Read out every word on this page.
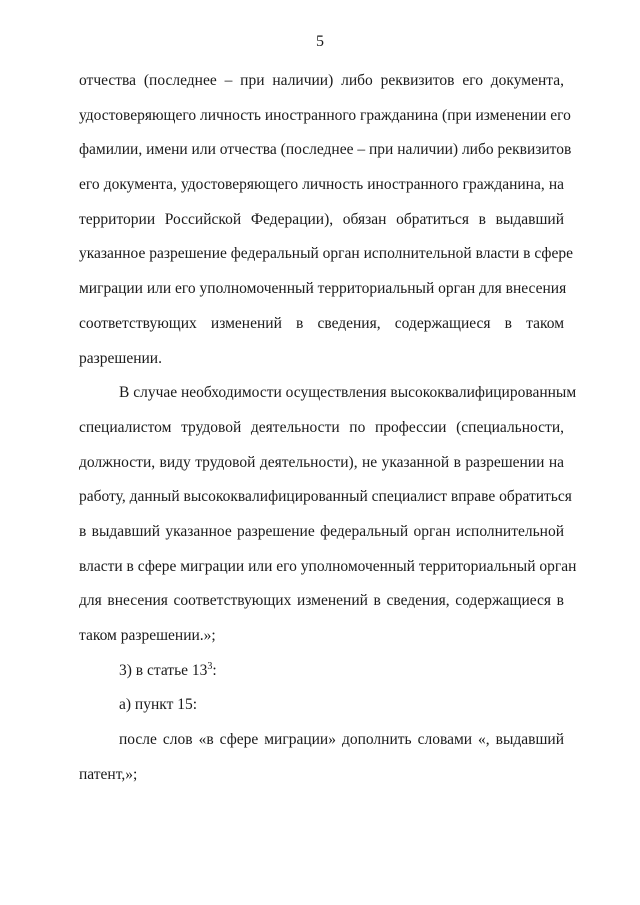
5
отчества (последнее – при наличии) либо реквизитов его документа,
удостоверяющего личность иностранного гражданина (при изменении его
фамилии, имени или отчества (последнее – при наличии) либо реквизитов
его документа, удостоверяющего личность иностранного гражданина, на
территории Российской Федерации), обязан обратиться в выдавший
указанное разрешение федеральный орган исполнительной власти в сфере
миграции или его уполномоченный территориальный орган для внесения
соответствующих изменений в сведения, содержащиеся в таком
разрешении.
В случае необходимости осуществления высококвалифицированным
специалистом трудовой деятельности по профессии (специальности,
должности, виду трудовой деятельности), не указанной в разрешении на
работу, данный высококвалифицированный специалист вправе обратиться
в выдавший указанное разрешение федеральный орган исполнительной
власти в сфере миграции или его уполномоченный территориальный орган
для внесения соответствующих изменений в сведения, содержащиеся в
таком разрешении.»;
3) в статье $13^3$:
а) пункт 15:
после слов «в сфере миграции» дополнить словами «, выдавший
патент,»;
